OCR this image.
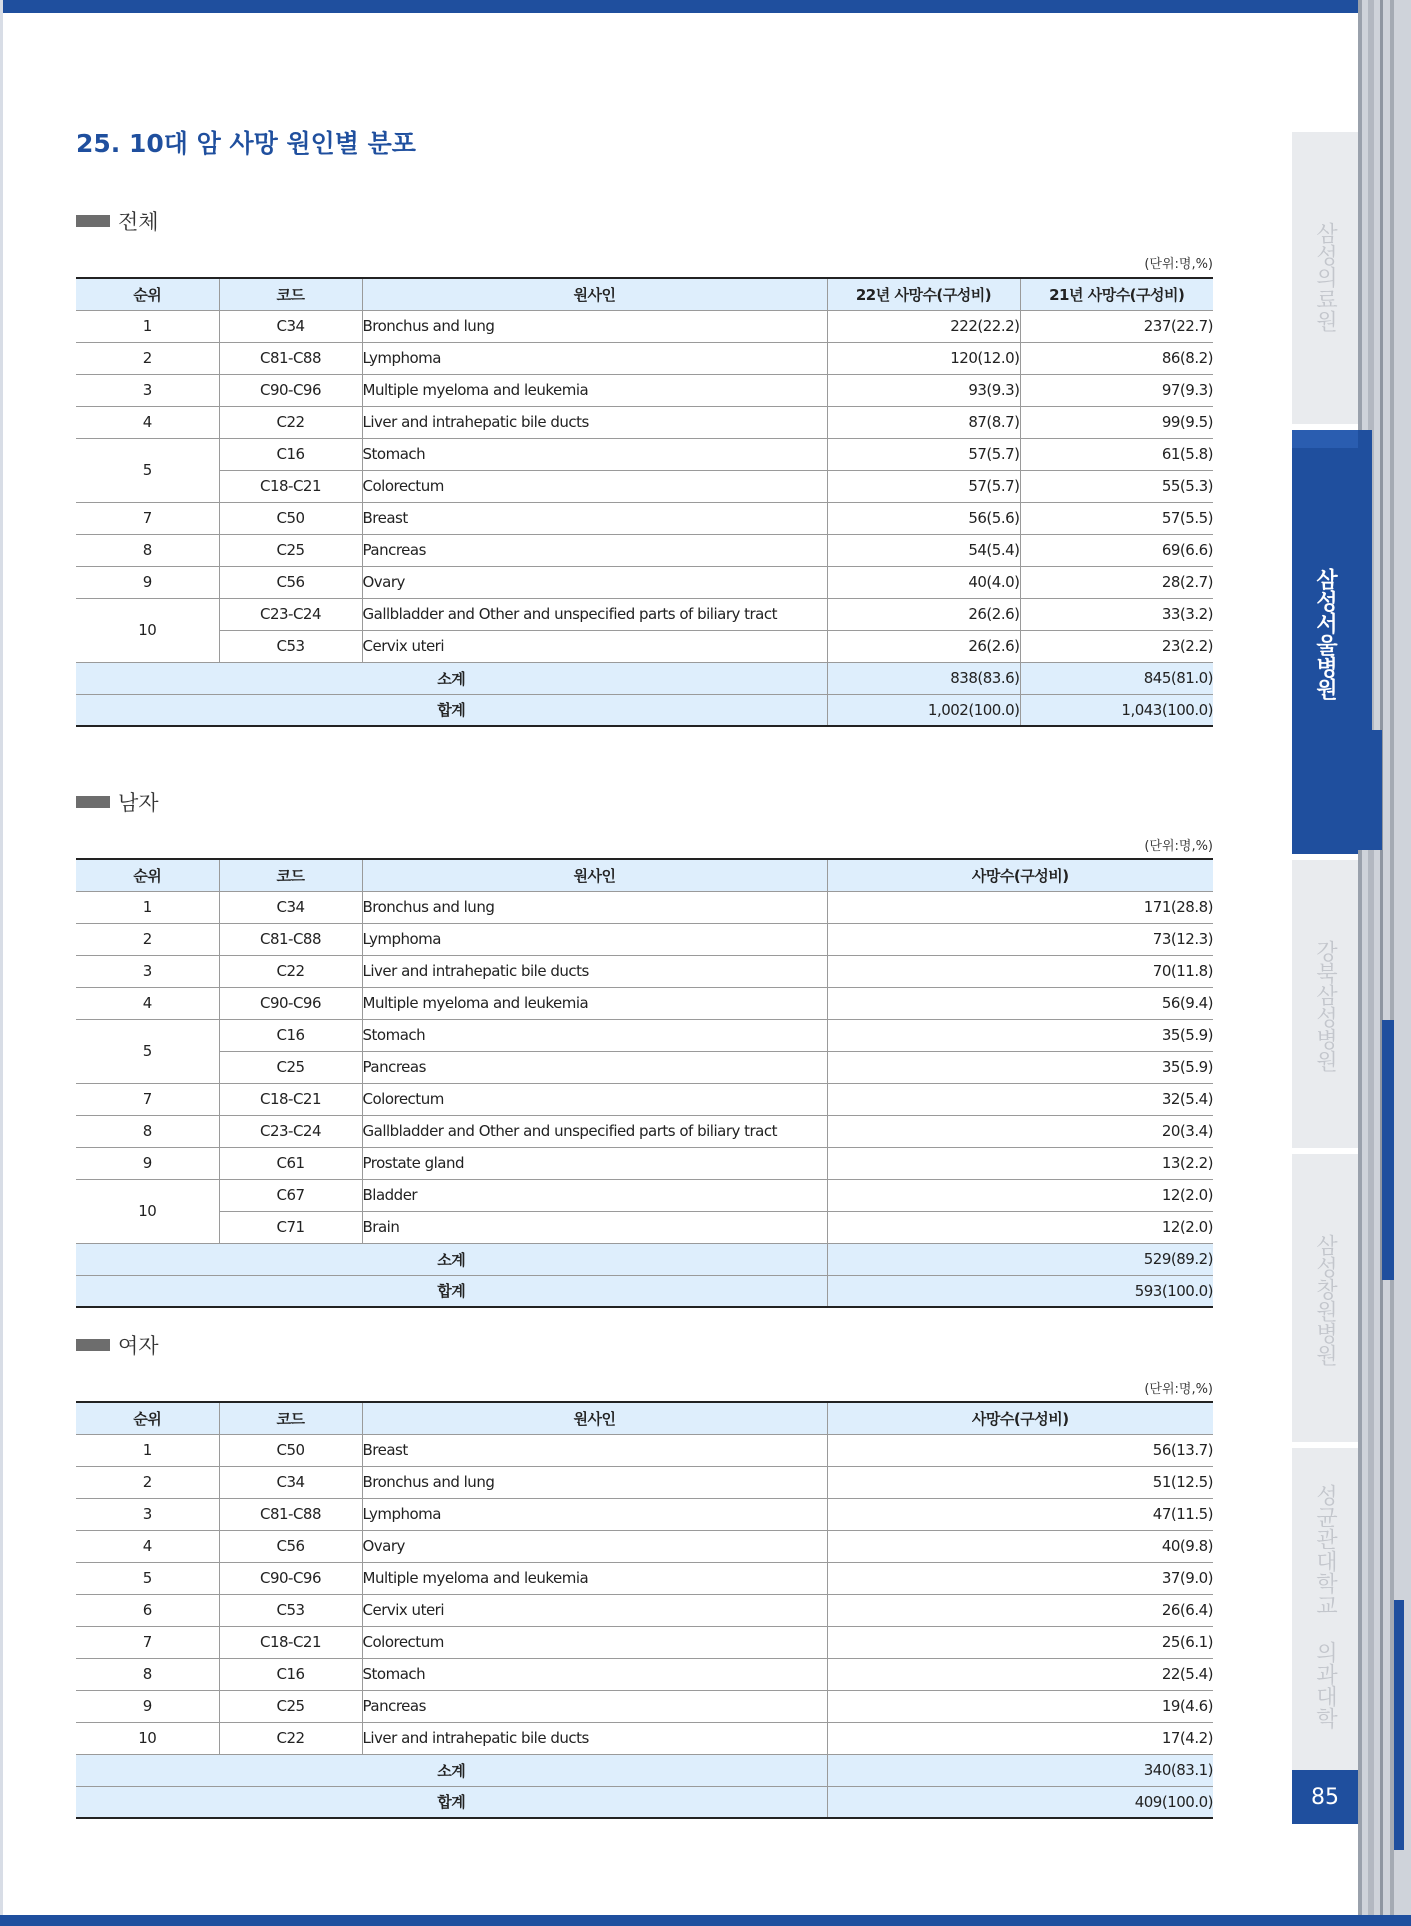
삼성의료원
삼성서울병원
강북삼성병원
삼성창원병원
성균관대학교 의과대학
85
25. 10대 암 사망 원인별 분포
전체
(단위:명,%)
순위	코드	원사인	22년 사망수(구성비)	21년 사망수(구성비)
1	C34	Bronchus and lung	222(22.2)	237(22.7)
2	C81-C88	Lymphoma	120(12.0)	86(8.2)
3	C90-C96	Multiple myeloma and leukemia	93(9.3)	97(9.3)
4	C22	Liver and intrahepatic bile ducts	87(8.7)	99(9.5)
5	C16	Stomach	57(5.7)	61(5.8)
	C18-C21	Colorectum	57(5.7)	55(5.3)
7	C50	Breast	56(5.6)	57(5.5)
8	C25	Pancreas	54(5.4)	69(6.6)
9	C56	Ovary	40(4.0)	28(2.7)
10	C23-C24	Gallbladder and Other and unspecified parts of biliary tract	26(2.6)	33(3.2)
	C53	Cervix uteri	26(2.6)	23(2.2)
소계			838(83.6)	845(81.0)
합계			1,002(100.0)	1,043(100.0)
남자
(단위:명,%)
순위	코드	원사인	사망수(구성비)
1	C34	Bronchus and lung	171(28.8)
2	C81-C88	Lymphoma	73(12.3)
3	C22	Liver and intrahepatic bile ducts	70(11.8)
4	C90-C96	Multiple myeloma and leukemia	56(9.4)
5	C16	Stomach	35(5.9)
	C25	Pancreas	35(5.9)
7	C18-C21	Colorectum	32(5.4)
8	C23-C24	Gallbladder and Other and unspecified parts of biliary tract	20(3.4)
9	C61	Prostate gland	13(2.2)
10	C67	Bladder	12(2.0)
	C71	Brain	12(2.0)
소계			529(89.2)
합계			593(100.0)
여자
(단위:명,%)
순위	코드	원사인	사망수(구성비)
1	C50	Breast	56(13.7)
2	C34	Bronchus and lung	51(12.5)
3	C81-C88	Lymphoma	47(11.5)
4	C56	Ovary	40(9.8)
5	C90-C96	Multiple myeloma and leukemia	37(9.0)
6	C53	Cervix uteri	26(6.4)
7	C18-C21	Colorectum	25(6.1)
8	C16	Stomach	22(5.4)
9	C25	Pancreas	19(4.6)
10	C22	Liver and intrahepatic bile ducts	17(4.2)
소계			340(83.1)
합계			409(100.0)
